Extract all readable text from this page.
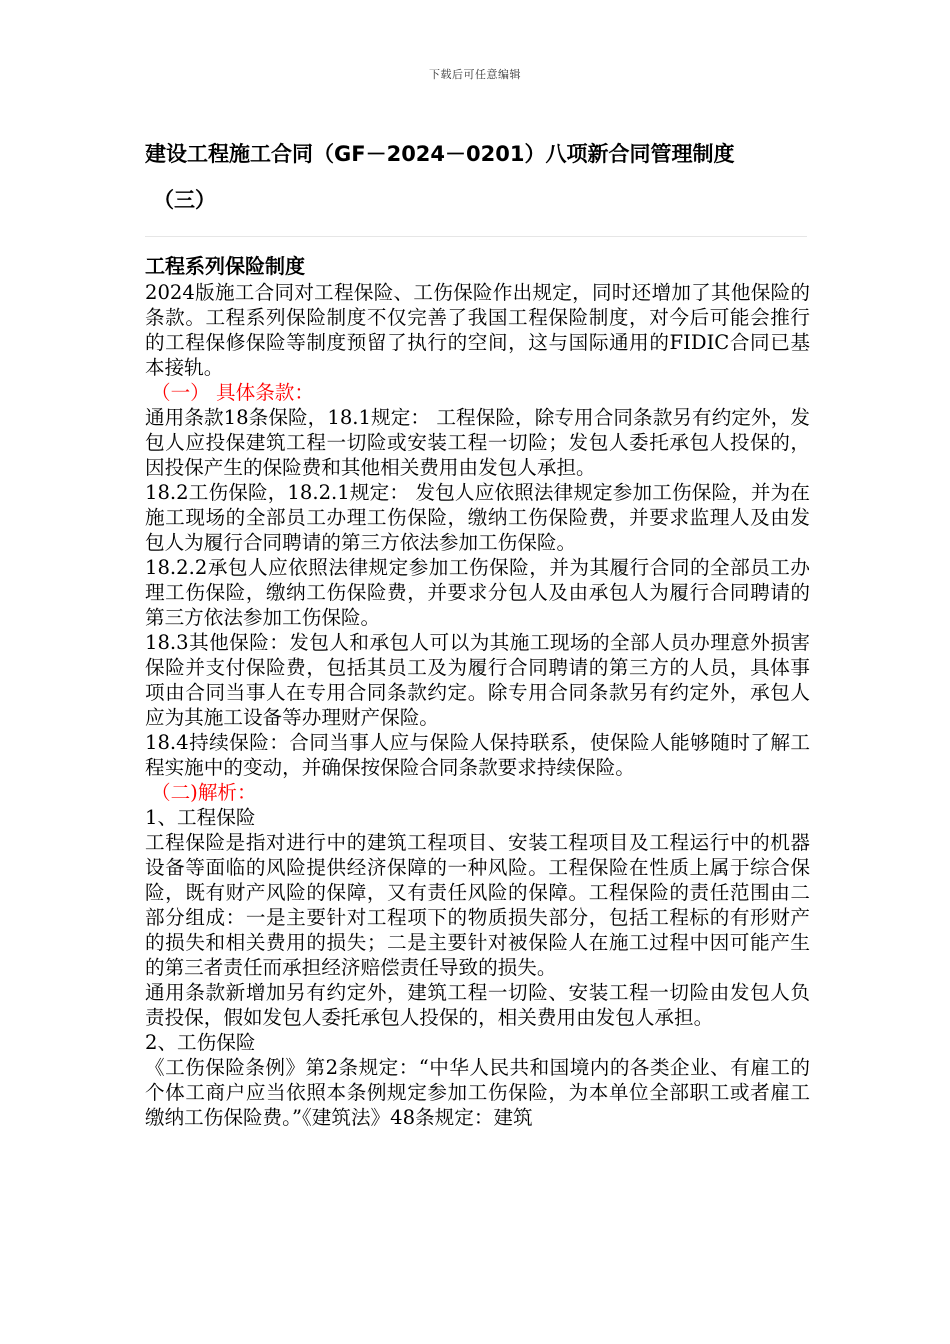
下载后可任意编辑
建设工程施工合同（GF－2024－0201）八项新合同管理制度
（三）
工程系列保险制度

2024版施工合同对工程保险、工伤保险作出规定，同时还增加了其他保险的条款。工程系列保险制度不仅完善了我国工程保险制度，对今后可能会推行的工程保修保险等制度预留了执行的空间，这与国际通用的FIDIC合同已基本接轨。

（一） 具体条款：

通用条款18条保险，18.1规定： 工程保险，除专用合同条款另有约定外，发包人应投保建筑工程一切险或安装工程一切险；发包人委托承包人投保的，因投保产生的保险费和其他相关费用由发包人承担。

18.2工伤保险，18.2.1规定： 发包人应依照法律规定参加工伤保险，并为在施工现场的全部员工办理工伤保险，缴纳工伤保险费，并要求监理人及由发包人为履行合同聘请的第三方依法参加工伤保险。

18.2.2承包人应依照法律规定参加工伤保险，并为其履行合同的全部员工办理工伤保险，缴纳工伤保险费，并要求分包人及由承包人为履行合同聘请的第三方依法参加工伤保险。

18.3其他保险：发包人和承包人可以为其施工现场的全部人员办理意外损害保险并支付保险费，包括其员工及为履行合同聘请的第三方的人员，具体事项由合同当事人在专用合同条款约定。除专用合同条款另有约定外，承包人应为其施工设备等办理财产保险。

18.4持续保险：合同当事人应与保险人保持联系，使保险人能够随时了解工程实施中的变动，并确保按保险合同条款要求持续保险。

（二)解析：

1、工程保险

工程保险是指对进行中的建筑工程项目、安装工程项目及工程运行中的机器设备等面临的风险提供经济保障的一种风险。工程保险在性质上属于综合保险，既有财产风险的保障，又有责任风险的保障。工程保险的责任范围由二部分组成：一是主要针对工程项下的物质损失部分，包括工程标的有形财产的损失和相关费用的损失；二是主要针对被保险人在施工过程中因可能产生的第三者责任而承担经济赔偿责任导致的损失。

通用条款新增加另有约定外，建筑工程一切险、安装工程一切险由发包人负责投保，假如发包人委托承包人投保的，相关费用由发包人承担。

2、工伤保险

《工伤保险条例》第2条规定：“中华人民共和国境内的各类企业、有雇工的个体工商户应当依照本条例规定参加工伤保险，为本单位全部职工或者雇工缴纳工伤保险费。”《建筑法》48条规定：建筑
